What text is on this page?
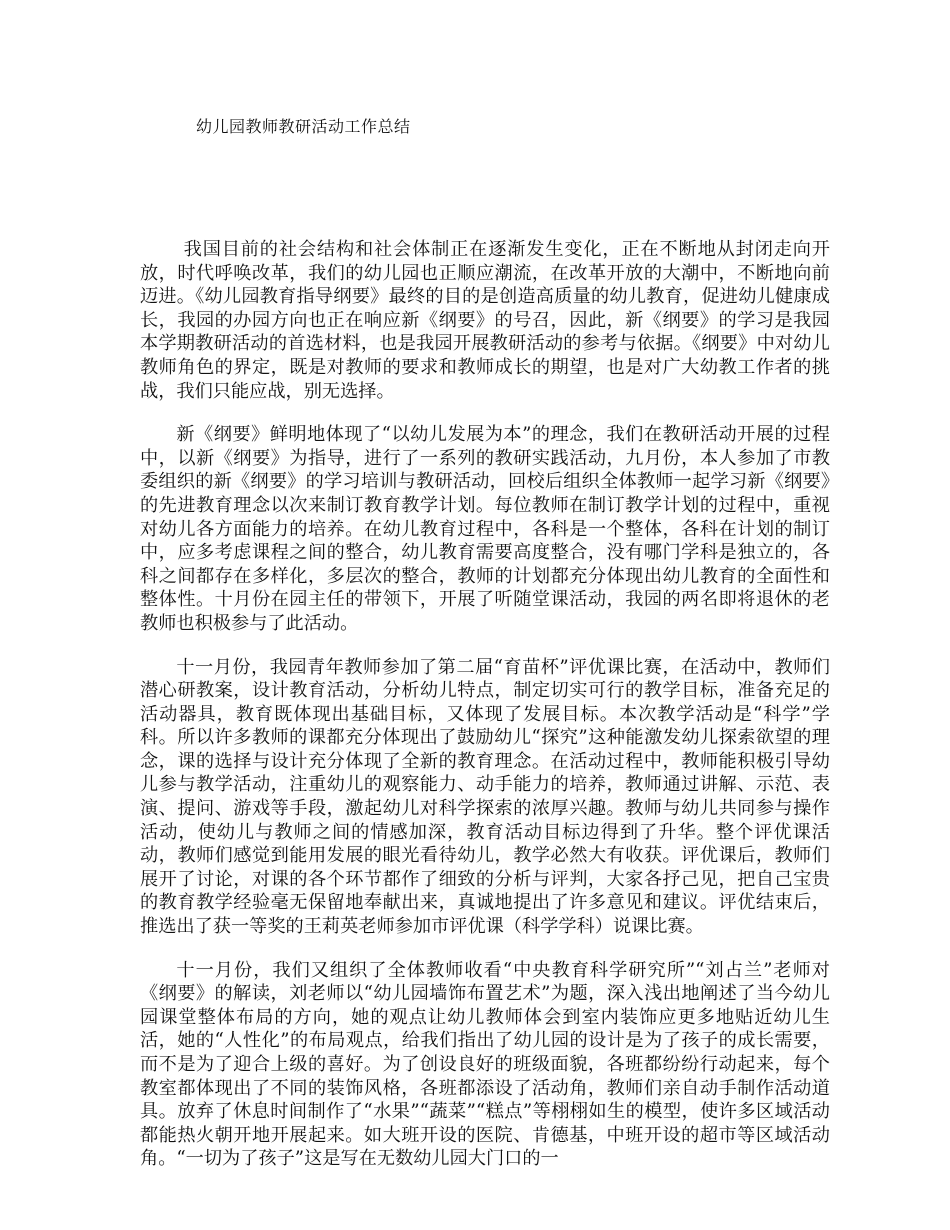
幼儿园教师教研活动工作总结

我国目前的社会结构和社会体制正在逐渐发生变化，正在不断地从封闭走向开放，时代呼唤改革，我们的幼儿园也正顺应潮流，在改革开放的大潮中，不断地向前迈进。《幼儿园教育指导纲要》最终的目的是创造高质量的幼儿教育，促进幼儿健康成长，我园的办园方向也正在响应新《纲要》的号召，因此，新《纲要》的学习是我园本学期教研活动的首选材料，也是我园开展教研活动的参考与依据。《纲要》中对幼儿教师角色的界定，既是对教师的要求和教师成长的期望，也是对广大幼教工作者的挑战，我们只能应战，别无选择。

新《纲要》鲜明地体现了“以幼儿发展为本”的理念，我们在教研活动开展的过程中，以新《纲要》为指导，进行了一系列的教研实践活动，九月份，本人参加了市教委组织的新《纲要》的学习培训与教研活动，回校后组织全体教师一起学习新《纲要》的先进教育理念以次来制订教育教学计划。每位教师在制订教学计划的过程中，重视对幼儿各方面能力的培养。在幼儿教育过程中，各科是一个整体，各科在计划的制订中，应多考虑课程之间的整合，幼儿教育需要高度整合，没有哪门学科是独立的，各科之间都存在多样化，多层次的整合，教师的计划都充分体现出幼儿教育的全面性和整体性。十月份在园主任的带领下，开展了听随堂课活动，我园的两名即将退休的老教师也积极参与了此活动。

十一月份，我园青年教师参加了第二届“育苗杯”评优课比赛，在活动中，教师们潜心研教案，设计教育活动，分析幼儿特点，制定切实可行的教学目标，准备充足的活动器具，教育既体现出基础目标，又体现了发展目标。本次教学活动是“科学”学科。所以许多教师的课都充分体现出了鼓励幼儿“探究”这种能激发幼儿探索欲望的理念，课的选择与设计充分体现了全新的教育理念。在活动过程中，教师能积极引导幼儿参与教学活动，注重幼儿的观察能力、动手能力的培养，教师通过讲解、示范、表演、提问、游戏等手段，激起幼儿对科学探索的浓厚兴趣。教师与幼儿共同参与操作活动，使幼儿与教师之间的情感加深，教育活动目标边得到了升华。整个评优课活动，教师们感觉到能用发展的眼光看待幼儿，教学必然大有收获。评优课后，教师们展开了讨论，对课的各个环节都作了细致的分析与评判，大家各抒己见，把自己宝贵的教育教学经验毫无保留地奉献出来，真诚地提出了许多意见和建议。评优结束后，推选出了获一等奖的王莉英老师参加市评优课（科学学科）说课比赛。

十一月份，我们又组织了全体教师收看“中央教育科学研究所”“刘占兰”老师对《纲要》的解读，刘老师以“幼儿园墙饰布置艺术”为题，深入浅出地阐述了当今幼儿园课堂整体布局的方向，她的观点让幼儿教师体会到室内装饰应更多地贴近幼儿生活，她的“人性化”的布局观点，给我们指出了幼儿园的设计是为了孩子的成长需要，而不是为了迎合上级的喜好。为了创设良好的班级面貌，各班都纷纷行动起来，每个教室都体现出了不同的装饰风格，各班都添设了活动角，教师们亲自动手制作活动道具。放弃了休息时间制作了“水果”“蔬菜”“糕点”等栩栩如生的模型，使许多区域活动都能热火朝开地开展起来。如大班开设的医院、肯德基，中班开设的超市等区域活动角。“一切为了孩子”这是写在无数幼儿园大门口的一
